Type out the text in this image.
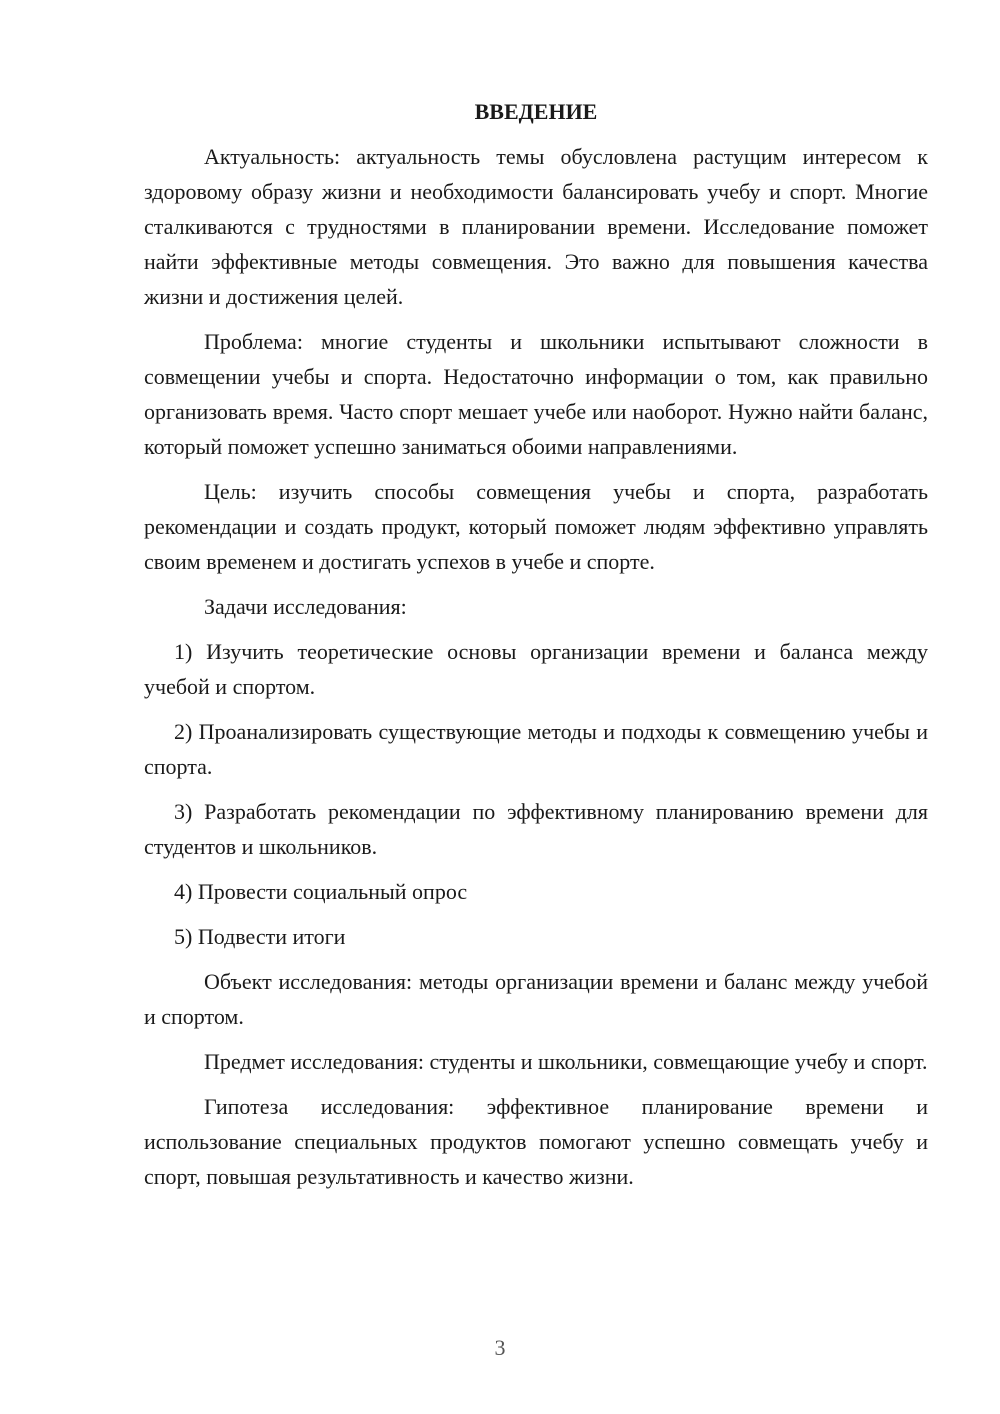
ВВЕДЕНИЕ

Актуальность: актуальность темы обусловлена растущим интересом к здоровому образу жизни и необходимости балансировать учебу и спорт. Многие сталкиваются с трудностями в планировании времени. Исследование поможет найти эффективные методы совмещения. Это важно для повышения качества жизни и достижения целей.

Проблема: многие студенты и школьники испытывают сложности в совмещении учебы и спорта. Недостаточно информации о том, как правильно организовать время. Часто спорт мешает учебе или наоборот. Нужно найти баланс, который поможет успешно заниматься обоими направлениями.

Цель: изучить способы совмещения учебы и спорта, разработать рекомендации и создать продукт, который поможет людям эффективно управлять своим временем и достигать успехов в учебе и спорте.

Задачи исследования:

1) Изучить теоретические основы организации времени и баланса между учебой и спортом.

2) Проанализировать существующие методы и подходы к совмещению учебы и спорта.

3) Разработать рекомендации по эффективному планированию времени для студентов и школьников.

4) Провести социальный опрос

5) Подвести итоги

Объект исследования: методы организации времени и баланс между учебой и спортом.

Предмет исследования: студенты и школьники, совмещающие учебу и спорт.

Гипотеза исследования: эффективное планирование времени и использование специальных продуктов помогают успешно совмещать учебу и спорт, повышая результативность и качество жизни.

3
